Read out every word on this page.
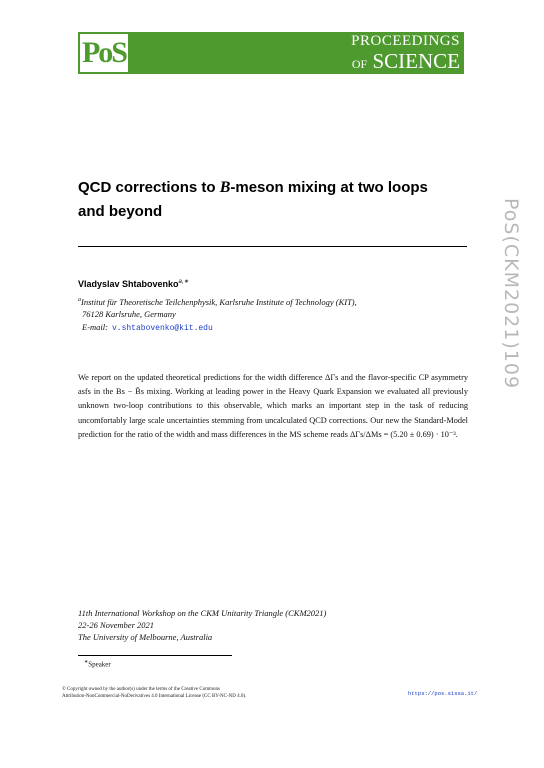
PoS	PROCEEDINGS
OF SCIENCE
PoS(CKM2021)109
QCD corrections to B-meson mixing at two loops and beyond
Vladyslav Shtabovenko$^{a,∗}$
$^a$Institut für Theoretische Teilchenphysik, Karlsruhe Institute of Technology (KIT),
76128 Karlsruhe, Germany
E-mail: v.shtabovenko@kit.edu

We report on the updated theoretical predictions for the width difference ΔΓs and the flavor-specific CP asymmetry asfs in the Bs − B̄s mixing. Working at leading power in the Heavy Quark Expansion we evaluated all previously unknown two-loop contributions to this observable, which marks an important step in the task of reducing uncomfortably large scale uncertainties stemming from uncalculated QCD corrections. Our new the Standard-Model prediction for the ratio of the width and mass differences in the MS scheme reads ΔΓs/ΔMs = (5.20 ± 0.69) · 10⁻³.

11th International Workshop on the CKM Unitarity Triangle (CKM2021)
22-26 November 2021
The University of Melbourne, Australia
∗Speaker
© Copyright owned by the author(s) under the terms of the Creative Commons
Attribution-NonCommercial-NoDerivatives 4.0 International License (CC BY-NC-ND 4.0).	https://pos.sissa.it/
